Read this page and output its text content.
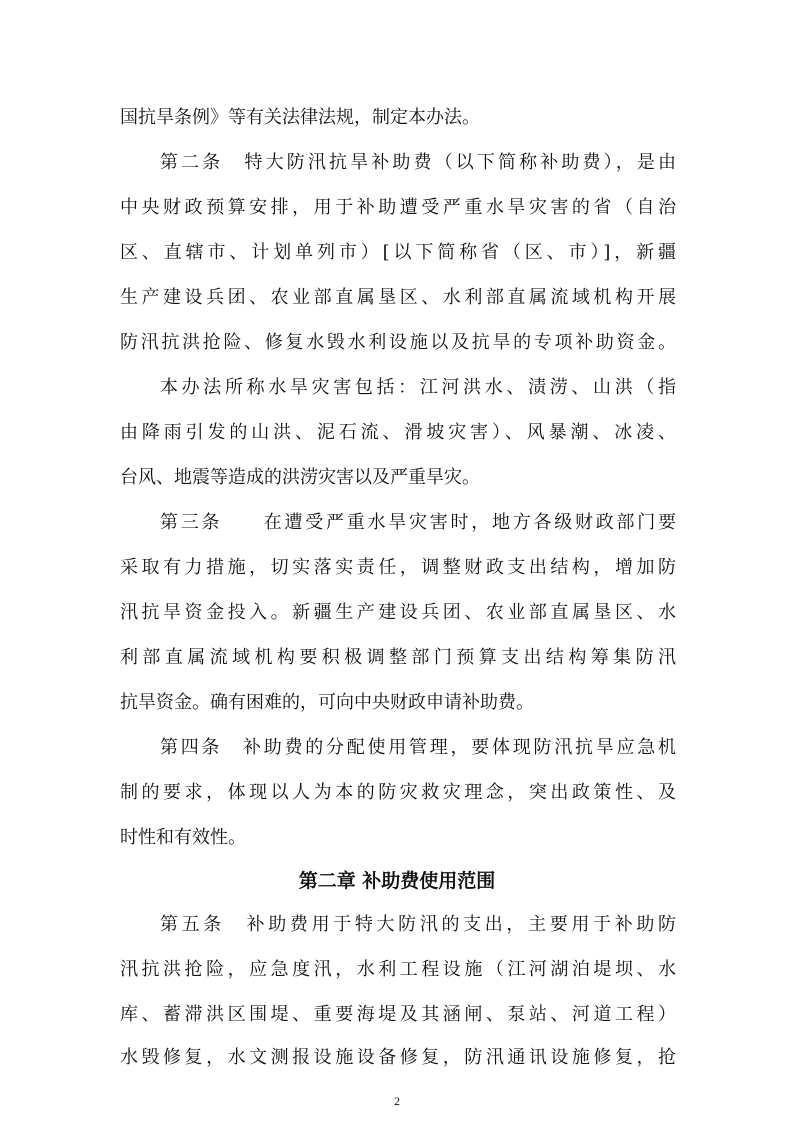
国抗旱条例》等有关法律法规，制定本办法。
第二条　特大防汛抗旱补助费（以下简称补助费），是由
中央财政预算安排，用于补助遭受严重水旱灾害的省（自治
区、直辖市、计划单列市）[以下简称省（区、市）]，新疆
生产建设兵团、农业部直属垦区、水利部直属流域机构开展
防汛抗洪抢险、修复水毁水利设施以及抗旱的专项补助资金。
本办法所称水旱灾害包括：江河洪水、渍涝、山洪（指
由降雨引发的山洪、泥石流、滑坡灾害）、风暴潮、冰凌、
台风、地震等造成的洪涝灾害以及严重旱灾。
第三条　　在遭受严重水旱灾害时，地方各级财政部门要
采取有力措施，切实落实责任，调整财政支出结构，增加防
汛抗旱资金投入。新疆生产建设兵团、农业部直属垦区、水
利部直属流域机构要积极调整部门预算支出结构筹集防汛
抗旱资金。确有困难的，可向中央财政申请补助费。
第四条　补助费的分配使用管理，要体现防汛抗旱应急机
制的要求，体现以人为本的防灾救灾理念，突出政策性、及
时性和有效性。
第二章 补助费使用范围
第五条　补助费用于特大防汛的支出，主要用于补助防
汛抗洪抢险，应急度汛，水利工程设施（江河湖泊堤坝、水
库、蓄滞洪区围堤、重要海堤及其涵闸、泵站、河道工程）
水毁修复，水文测报设施设备修复，防汛通讯设施修复，抢
2
